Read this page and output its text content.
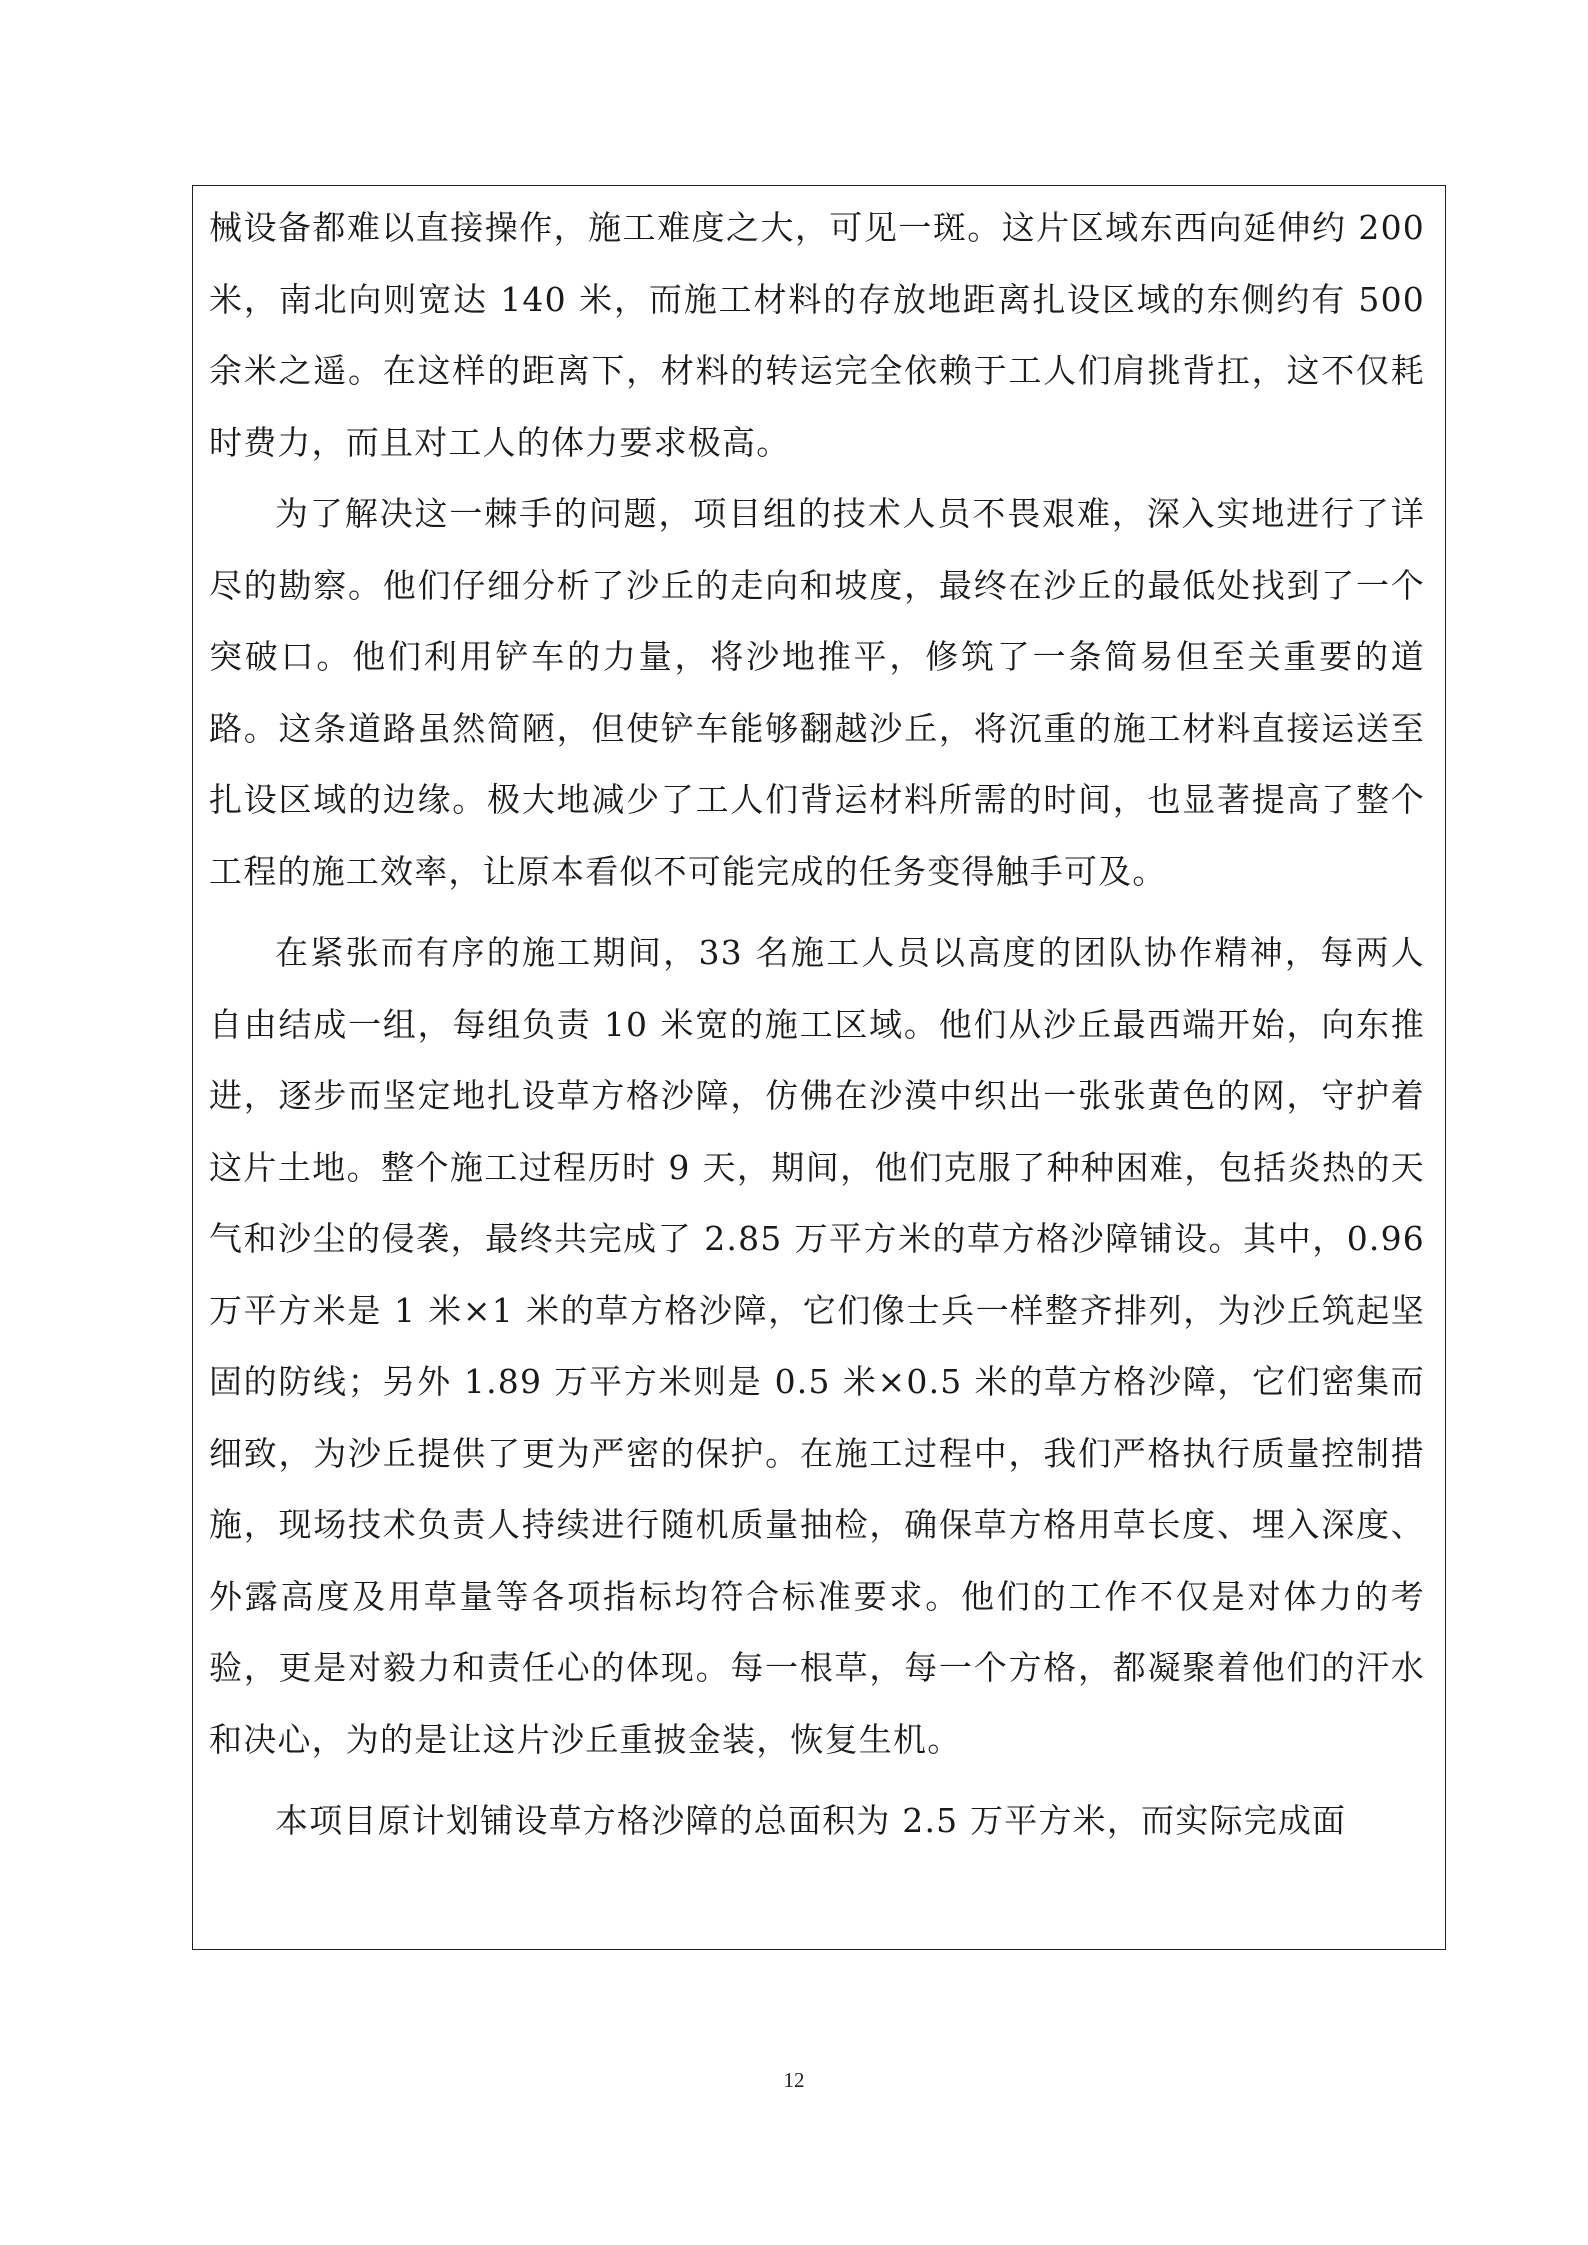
械设备都难以直接操作，施工难度之大，可见一斑。这片区域东西向延伸约 200 米，南北向则宽达 140 米，而施工材料的存放地距离扎设区域的东侧约有 500 余米之遥。在这样的距离下，材料的转运完全依赖于工人们肩挑背扛，这不仅耗时费力，而且对工人的体力要求极高。

为了解决这一棘手的问题，项目组的技术人员不畏艰难，深入实地进行了详尽的勘察。他们仔细分析了沙丘的走向和坡度，最终在沙丘的最低处找到了一个突破口。他们利用铲车的力量，将沙地推平，修筑了一条简易但至关重要的道路。这条道路虽然简陋，但使铲车能够翻越沙丘，将沉重的施工材料直接运送至扎设区域的边缘。极大地减少了工人们背运材料所需的时间，也显著提高了整个工程的施工效率，让原本看似不可能完成的任务变得触手可及。

在紧张而有序的施工期间，33 名施工人员以高度的团队协作精神，每两人自由结成一组，每组负责 10 米宽的施工区域。他们从沙丘最西端开始，向东推进，逐步而坚定地扎设草方格沙障，仿佛在沙漠中织出一张张黄色的网，守护着这片土地。整个施工过程历时 9 天，期间，他们克服了种种困难，包括炎热的天气和沙尘的侵袭，最终共完成了 2.85 万平方米的草方格沙障铺设。其中，0.96 万平方米是 1 米×1 米的草方格沙障，它们像士兵一样整齐排列，为沙丘筑起坚固的防线；另外 1.89 万平方米则是 0.5 米×0.5 米的草方格沙障，它们密集而细致，为沙丘提供了更为严密的保护。在施工过程中，我们严格执行质量控制措施，现场技术负责人持续进行随机质量抽检，确保草方格用草长度、埋入深度、外露高度及用草量等各项指标均符合标准要求。他们的工作不仅是对体力的考验，更是对毅力和责任心的体现。每一根草，每一个方格，都凝聚着他们的汗水和决心，为的是让这片沙丘重披金装，恢复生机。

本项目原计划铺设草方格沙障的总面积为 2.5 万平方米，而实际完成面

12
